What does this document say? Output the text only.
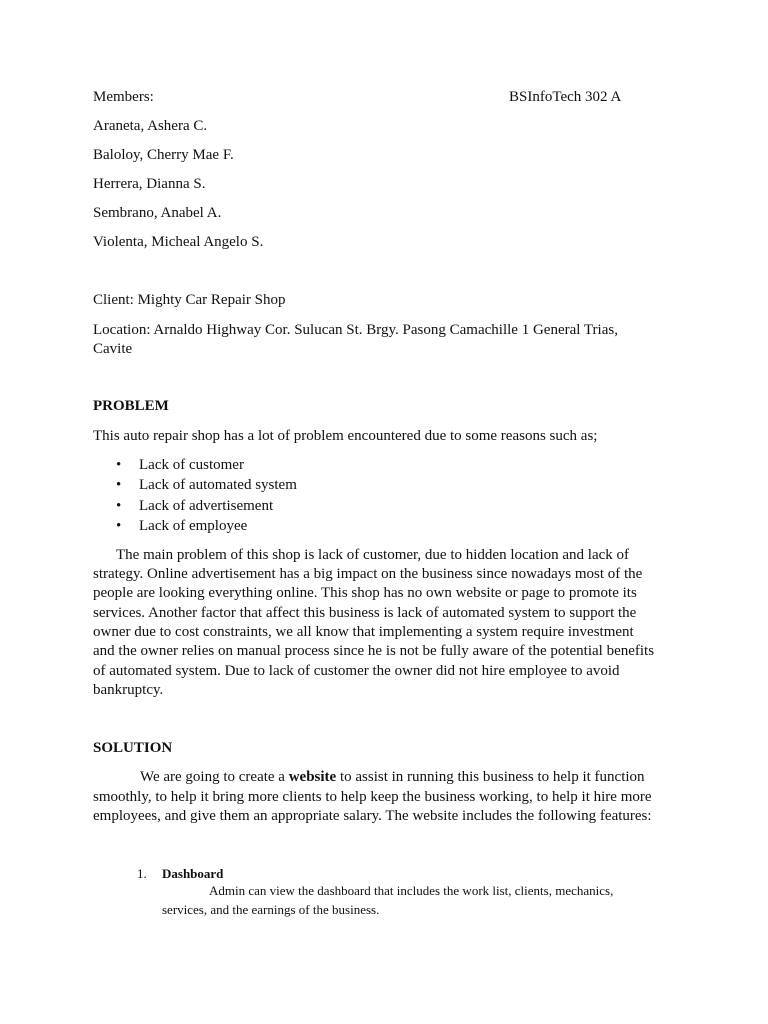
Members:	BSInfoTech 302 A
Araneta, Ashera C.
Baloloy, Cherry Mae F.
Herrera, Dianna S.
Sembrano, Anabel A.
Violenta, Micheal Angelo S.
Client: Mighty Car Repair Shop
Location: Arnaldo Highway Cor. Sulucan St. Brgy. Pasong Camachille 1 General Trias,
Cavite
PROBLEM
This auto repair shop has a lot of problem encountered due to some reasons such as;
• Lack of customer
• Lack of automated system
• Lack of advertisement
• Lack of employee
The main problem of this shop is lack of customer, due to hidden location and lack of
strategy. Online advertisement has a big impact on the business since nowadays most of the
people are looking everything online. This shop has no own website or page to promote its
services. Another factor that affect this business is lack of automated system to support the
owner due to cost constraints, we all know that implementing a system require investment
and the owner relies on manual process since he is not be fully aware of the potential benefits
of automated system. Due to lack of customer the owner did not hire employee to avoid
bankruptcy.
SOLUTION
We are going to create a website to assist in running this business to help it function
smoothly, to help it bring more clients to help keep the business working, to help it hire more
employees, and give them an appropriate salary. The website includes the following features:
1. Dashboard
Admin can view the dashboard that includes the work list, clients, mechanics,
services, and the earnings of the business.
